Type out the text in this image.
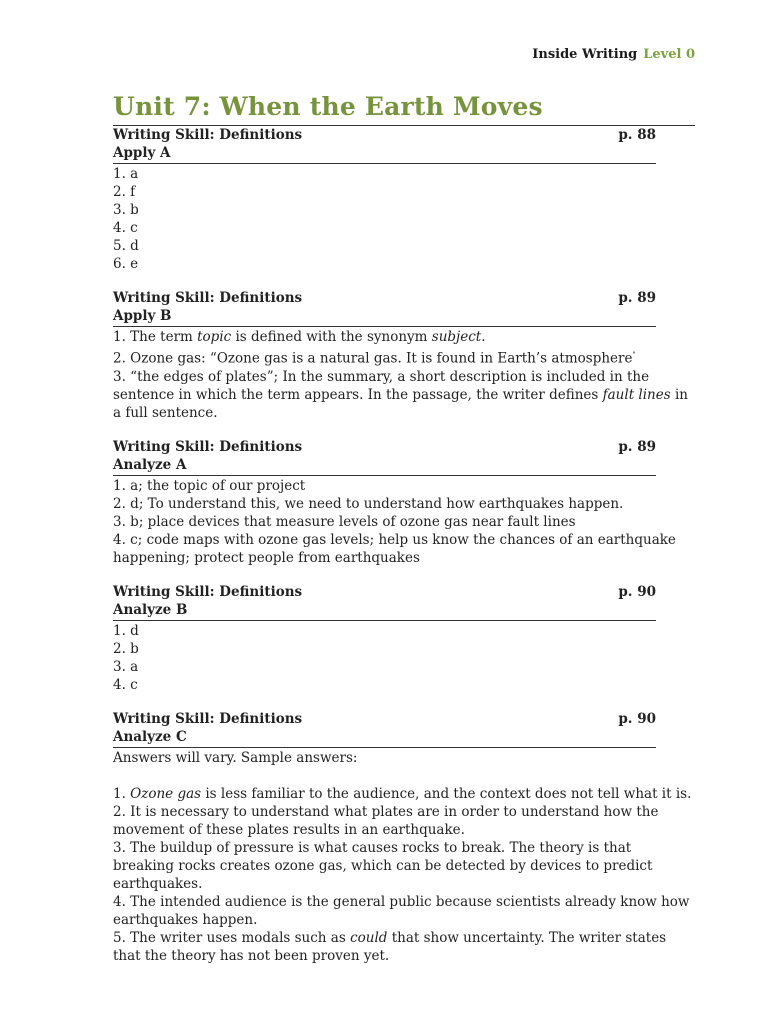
Inside Writing Level 0
Unit 7: When the Earth Moves
Writing Skill: Definitions	p. 88
Apply A
1. a
2. f
3. b
4. c
5. d
6. e
Writing Skill: Definitions	p. 89
Apply B
1. The term topic is defined with the synonym subject.
2. Ozone gas: “Ozone gas is a natural gas. It is found in Earth’s atmosphere"
3. “the edges of plates”; In the summary, a short description is included in the sentence in which the term appears. In the passage, the writer defines fault lines in a full sentence.
Writing Skill: Definitions	p. 89
Analyze A
1. a; the topic of our project
2. d; To understand this, we need to understand how earthquakes happen.
3. b; place devices that measure levels of ozone gas near fault lines
4. c; code maps with ozone gas levels; help us know the chances of an earthquake happening; protect people from earthquakes
Writing Skill: Definitions	p. 90
Analyze B
1. d
2. b
3. a
4. c
Writing Skill: Definitions	p. 90
Analyze C
Answers will vary. Sample answers:
1. Ozone gas is less familiar to the audience, and the context does not tell what it is.
2. It is necessary to understand what plates are in order to understand how the movement of these plates results in an earthquake.
3. The buildup of pressure is what causes rocks to break. The theory is that breaking rocks creates ozone gas, which can be detected by devices to predict earthquakes.
4. The intended audience is the general public because scientists already know how earthquakes happen.
5. The writer uses modals such as could that show uncertainty. The writer states that the theory has not been proven yet.
